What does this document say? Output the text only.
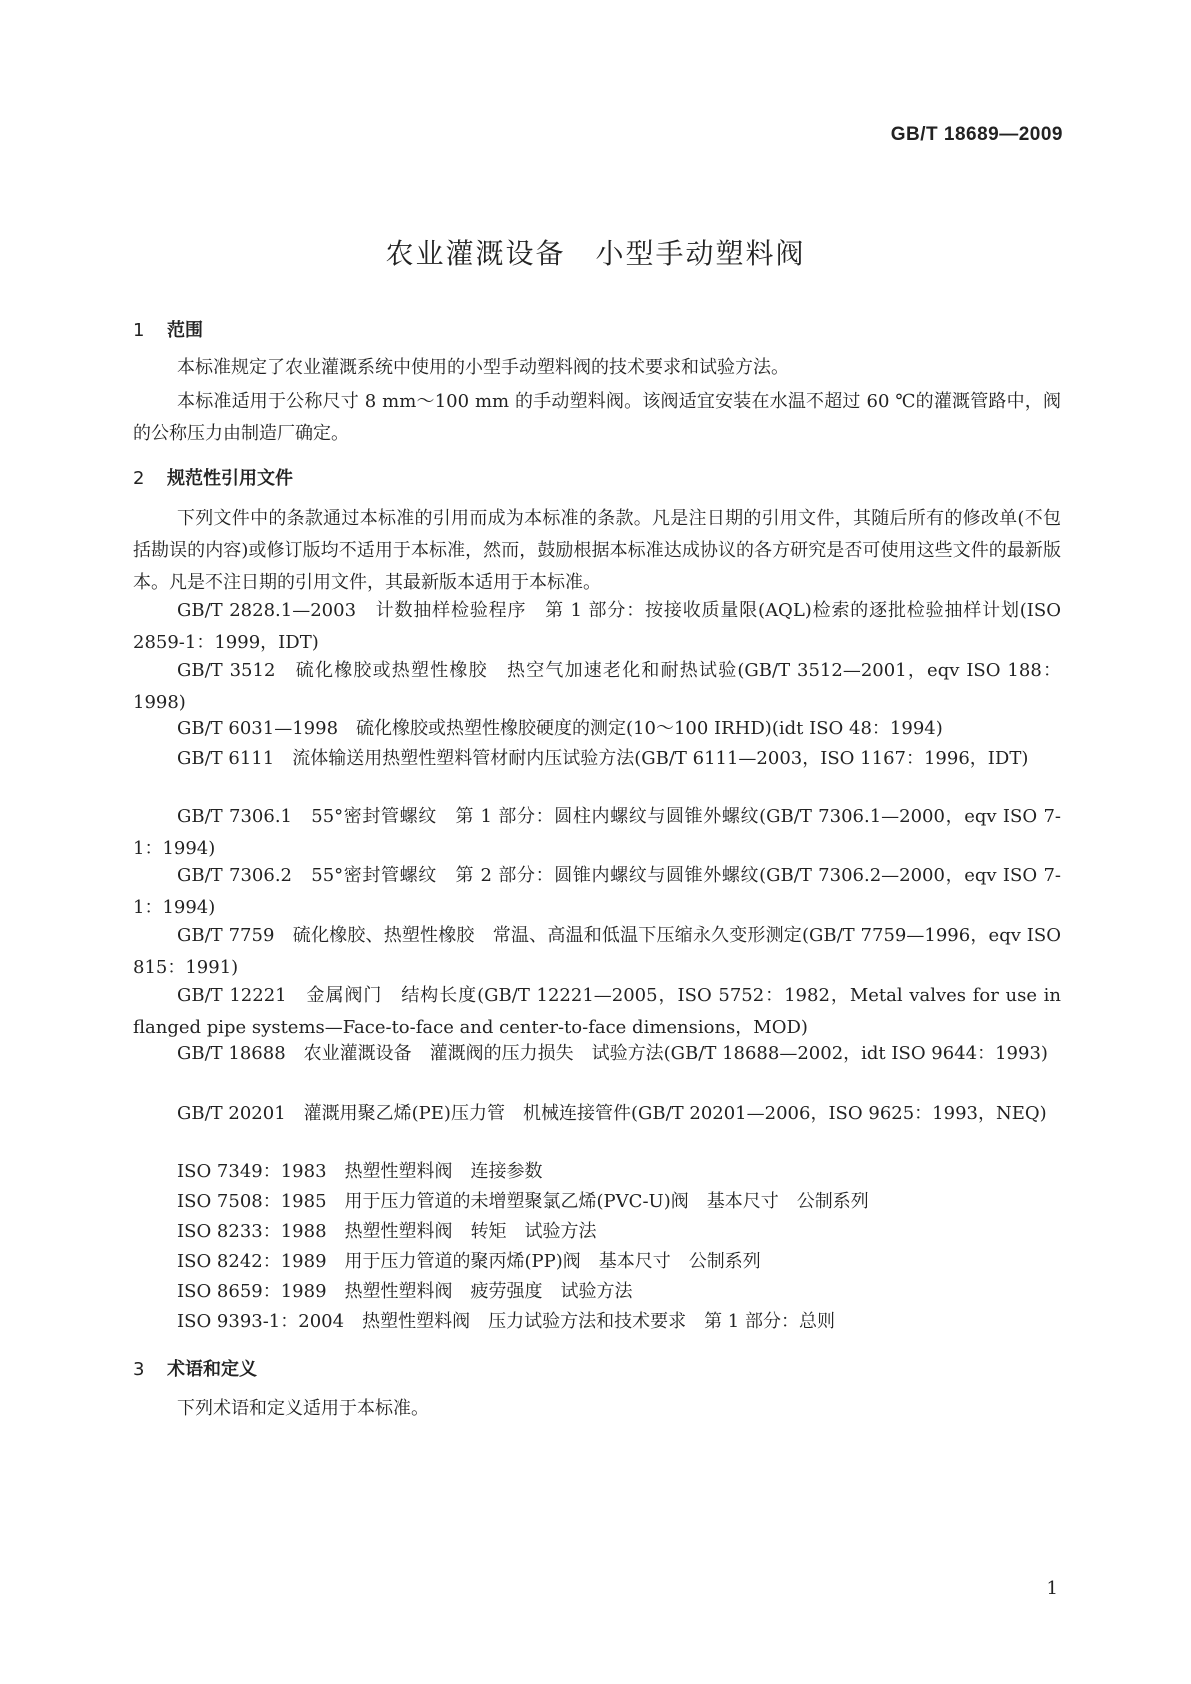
GB/T 18689—2009
农业灌溉设备　小型手动塑料阀
1 范围
本标准规定了农业灌溉系统中使用的小型手动塑料阀的技术要求和试验方法。
本标准适用于公称尺寸 8 mm～100 mm 的手动塑料阀。该阀适宜安装在水温不超过 60 ℃的灌溉管路中，阀的公称压力由制造厂确定。
2 规范性引用文件
下列文件中的条款通过本标准的引用而成为本标准的条款。凡是注日期的引用文件，其随后所有的修改单(不包括勘误的内容)或修订版均不适用于本标准，然而，鼓励根据本标准达成协议的各方研究是否可使用这些文件的最新版本。凡是不注日期的引用文件，其最新版本适用于本标准。
GB/T 2828.1—2003　计数抽样检验程序　第 1 部分：按接收质量限(AQL)检索的逐批检验抽样计划(ISO 2859-1：1999，IDT)
GB/T 3512　硫化橡胶或热塑性橡胶　热空气加速老化和耐热试验(GB/T 3512—2001，eqv ISO 188：1998)
GB/T 6031—1998　硫化橡胶或热塑性橡胶硬度的测定(10～100 IRHD)(idt ISO 48：1994)
GB/T 6111　流体输送用热塑性塑料管材耐内压试验方法(GB/T 6111—2003，ISO 1167：1996，IDT)
GB/T 7306.1　55°密封管螺纹　第 1 部分：圆柱内螺纹与圆锥外螺纹(GB/T 7306.1—2000，eqv ISO 7-1：1994)
GB/T 7306.2　55°密封管螺纹　第 2 部分：圆锥内螺纹与圆锥外螺纹(GB/T 7306.2—2000，eqv ISO 7-1：1994)
GB/T 7759　硫化橡胶、热塑性橡胶　常温、高温和低温下压缩永久变形测定(GB/T 7759—1996，eqv ISO 815：1991)
GB/T 12221　金属阀门　结构长度(GB/T 12221—2005，ISO 5752：1982，Metal valves for use in flanged pipe systems—Face-to-face and center-to-face dimensions，MOD)
GB/T 18688　农业灌溉设备　灌溉阀的压力损失　试验方法(GB/T 18688—2002，idt ISO 9644：1993)
GB/T 20201　灌溉用聚乙烯(PE)压力管　机械连接管件(GB/T 20201—2006，ISO 9625：1993，NEQ)
ISO 7349：1983　热塑性塑料阀　连接参数
ISO 7508：1985　用于压力管道的未增塑聚氯乙烯(PVC-U)阀　基本尺寸　公制系列
ISO 8233：1988　热塑性塑料阀　转矩　试验方法
ISO 8242：1989　用于压力管道的聚丙烯(PP)阀　基本尺寸　公制系列
ISO 8659：1989　热塑性塑料阀　疲劳强度　试验方法
ISO 9393-1：2004　热塑性塑料阀　压力试验方法和技术要求　第 1 部分：总则
3 术语和定义
下列术语和定义适用于本标准。
1
